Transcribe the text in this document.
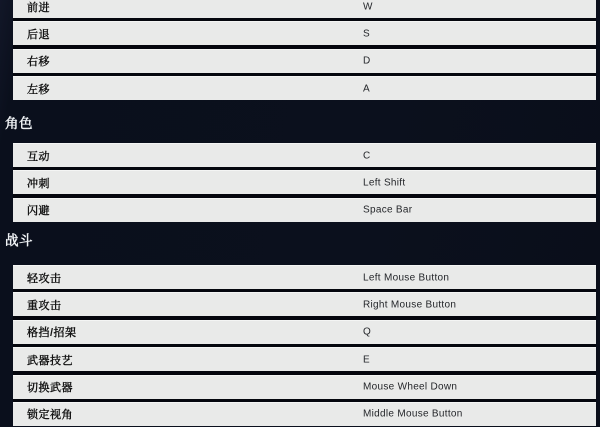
前进	W
后退	S
右移	D
左移	A
角色
互动	C
冲刺	Left Shift
闪避	Space Bar
战斗
轻攻击	Left Mouse Button
重攻击	Right Mouse Button
格挡/招架	Q
武器技艺	E
切换武器	Mouse Wheel Down
锁定视角	Middle Mouse Button
